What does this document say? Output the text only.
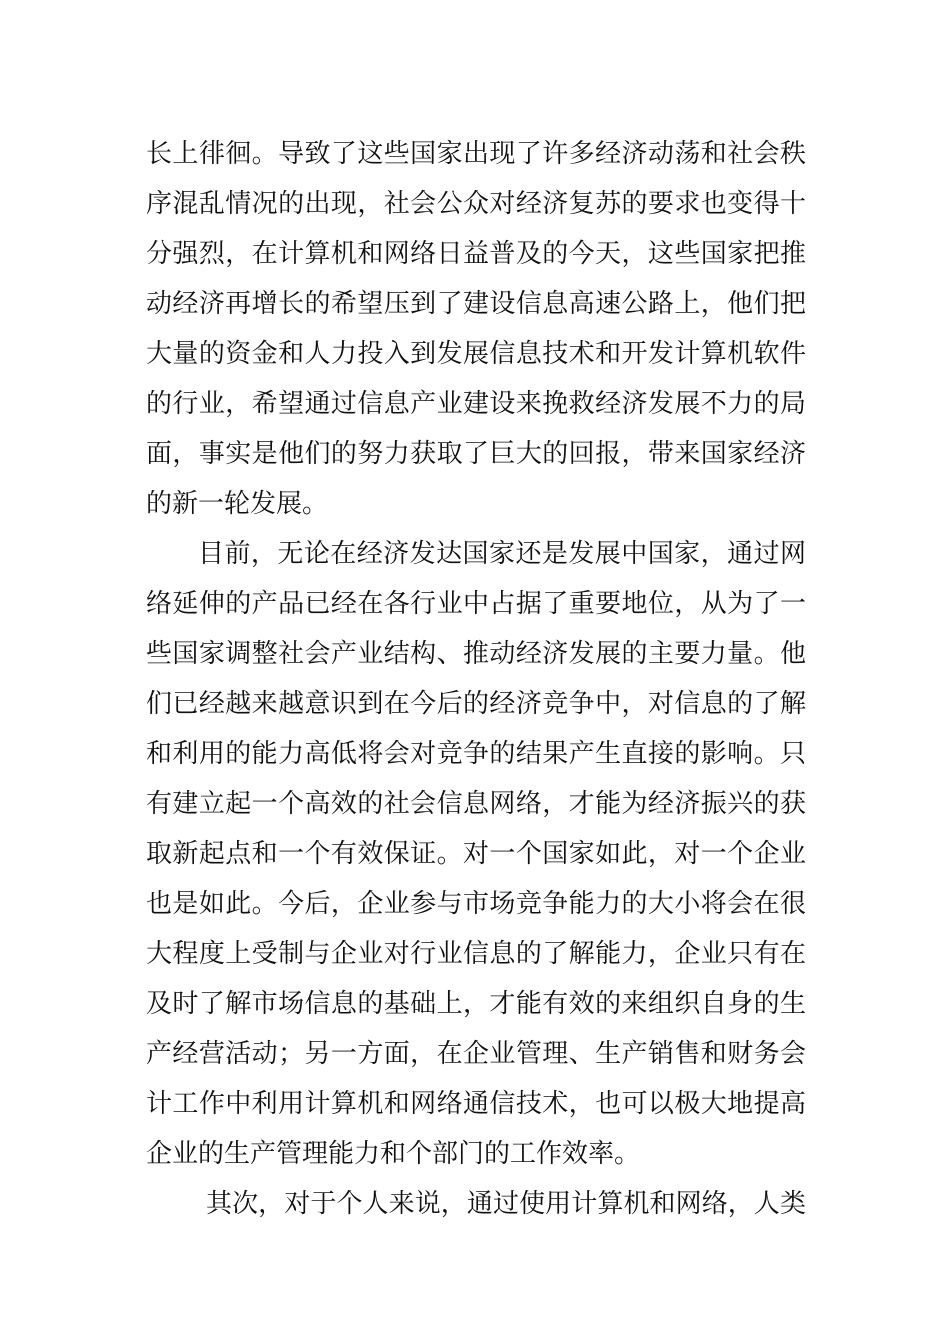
长上徘徊。导致了这些国家出现了许多经济动荡和社会秩
序混乱情况的出现，社会公众对经济复苏的要求也变得十
分强烈，在计算机和网络日益普及的今天，这些国家把推
动经济再增长的希望压到了建设信息高速公路上，他们把
大量的资金和人力投入到发展信息技术和开发计算机软件
的行业，希望通过信息产业建设来挽救经济发展不力的局
面，事实是他们的努力获取了巨大的回报，带来国家经济
的新一轮发展。
目前，无论在经济发达国家还是发展中国家，通过网
络延伸的产品已经在各行业中占据了重要地位，从为了一
些国家调整社会产业结构、推动经济发展的主要力量。他
们已经越来越意识到在今后的经济竞争中，对信息的了解
和利用的能力高低将会对竞争的结果产生直接的影响。只
有建立起一个高效的社会信息网络，才能为经济振兴的获
取新起点和一个有效保证。对一个国家如此，对一个企业
也是如此。今后，企业参与市场竞争能力的大小将会在很
大程度上受制与企业对行业信息的了解能力，企业只有在
及时了解市场信息的基础上，才能有效的来组织自身的生
产经营活动；另一方面，在企业管理、生产销售和财务会
计工作中利用计算机和网络通信技术，也可以极大地提高
企业的生产管理能力和个部门的工作效率。
其次，对于个人来说，通过使用计算机和网络，人类
